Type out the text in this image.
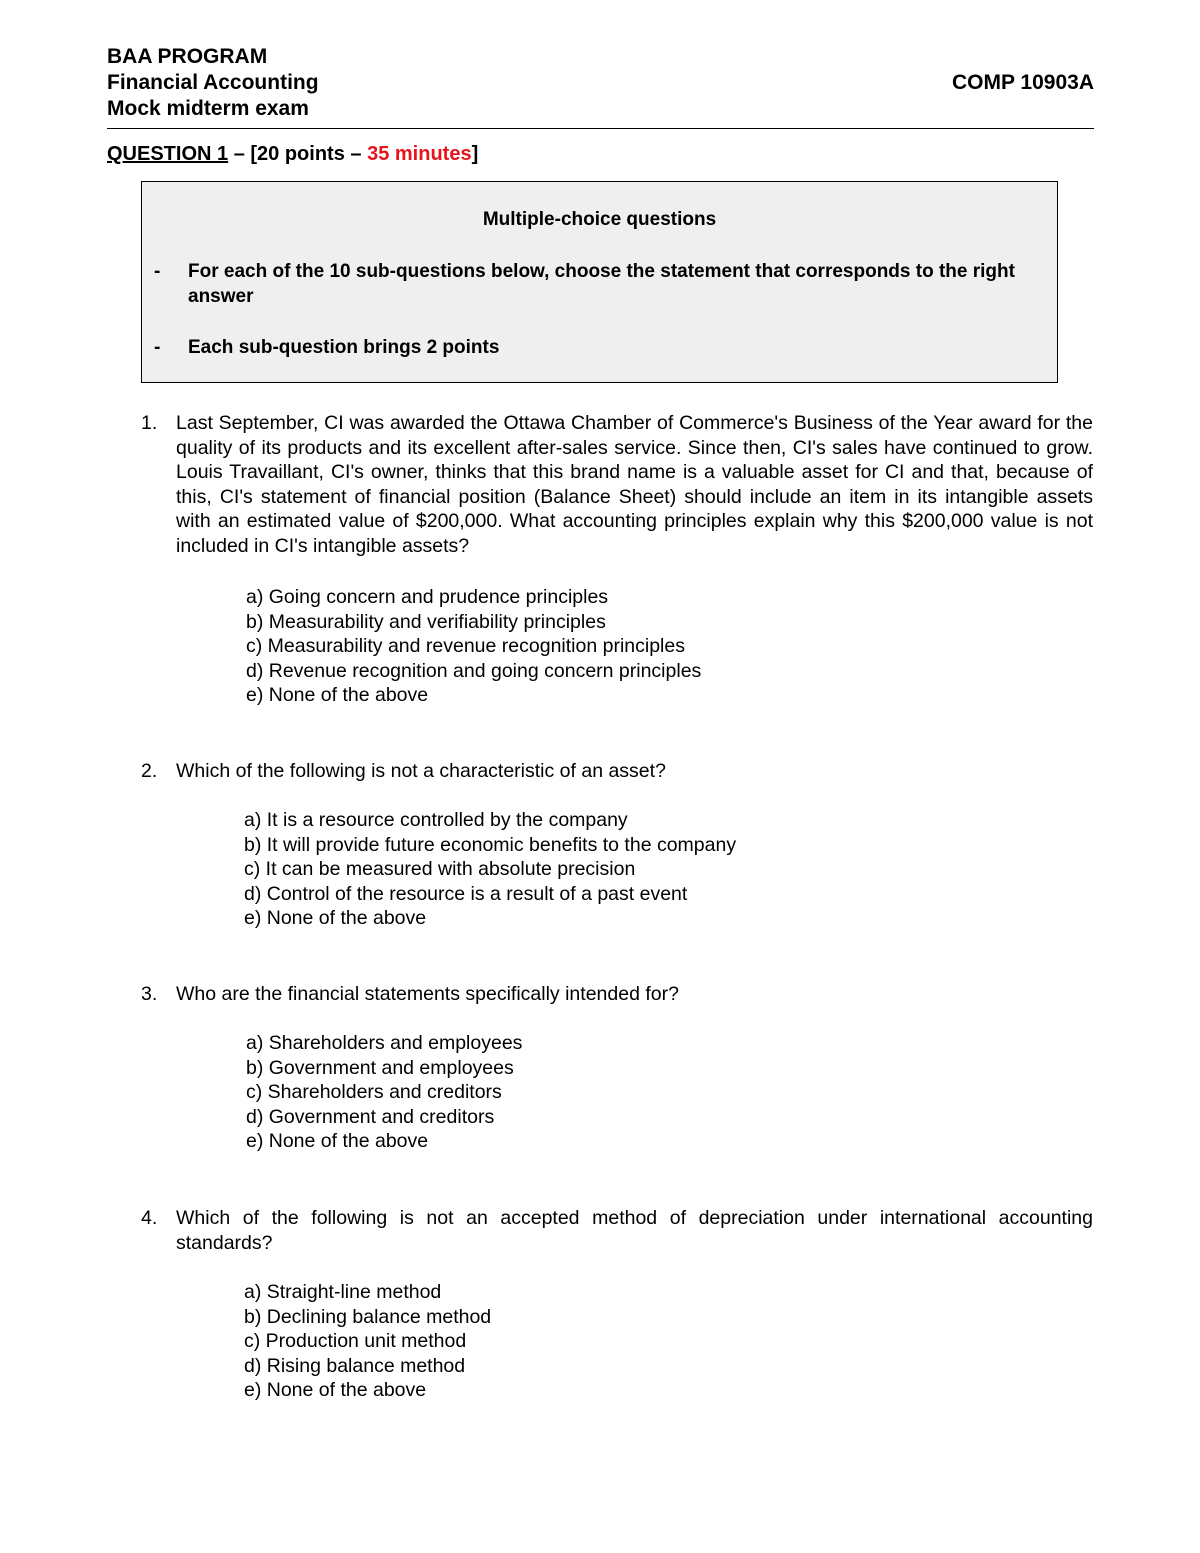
BAA PROGRAM
Financial Accounting	COMP 10903A
Mock midterm exam
QUESTION 1 – [20 points – 35 minutes]
Multiple-choice questions
-	For each of the 10 sub-questions below, choose the statement that corresponds to the right answer
-	Each sub-question brings 2 points
1. Last September, CI was awarded the Ottawa Chamber of Commerce's Business of the Year award for the quality of its products and its excellent after-sales service. Since then, CI's sales have continued to grow. Louis Travaillant, CI's owner, thinks that this brand name is a valuable asset for CI and that, because of this, CI's statement of financial position (Balance Sheet) should include an item in its intangible assets with an estimated value of $200,000. What accounting principles explain why this $200,000 value is not included in CI's intangible assets?
a) Going concern and prudence principles
b) Measurability and verifiability principles
c) Measurability and revenue recognition principles
d) Revenue recognition and going concern principles
e) None of the above
2. Which of the following is not a characteristic of an asset?
a) It is a resource controlled by the company
b) It will provide future economic benefits to the company
c) It can be measured with absolute precision
d) Control of the resource is a result of a past event
e) None of the above
3. Who are the financial statements specifically intended for?
a) Shareholders and employees
b) Government and employees
c) Shareholders and creditors
d) Government and creditors
e) None of the above
4. Which of the following is not an accepted method of depreciation under international accounting standards?
a) Straight-line method
b) Declining balance method
c) Production unit method
d) Rising balance method
e) None of the above
